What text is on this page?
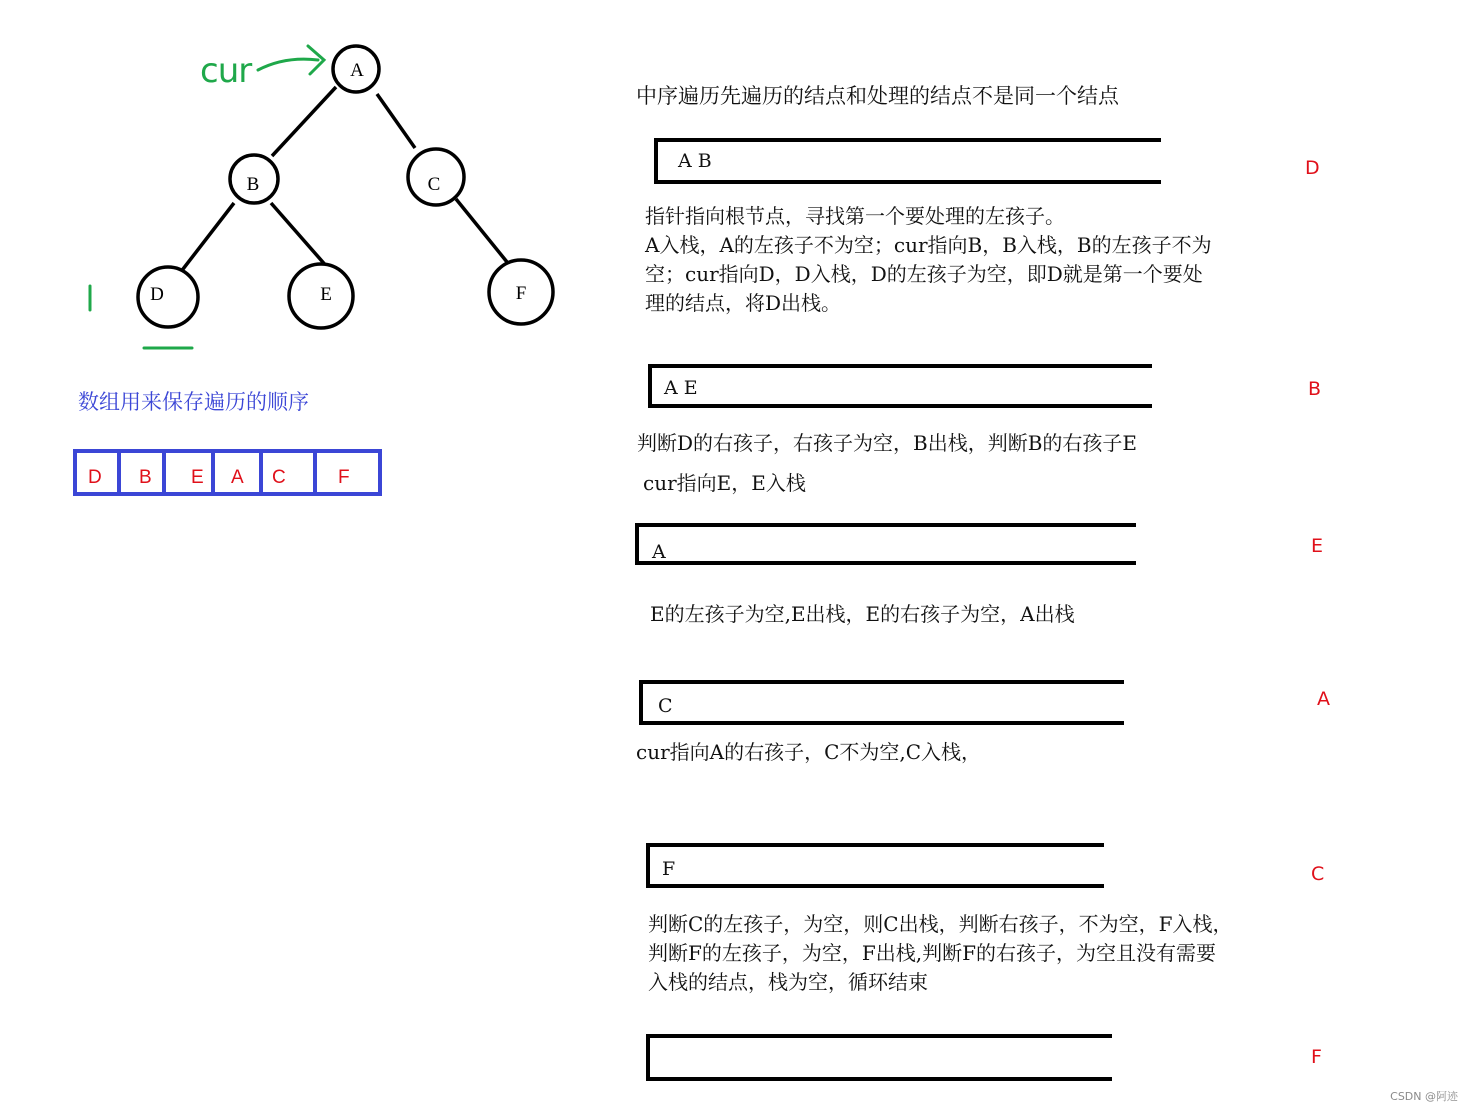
A
B	C
D	E	F
cur
中序遍历先遍历的结点和处理的结点不是同一个结点
数组用来保存遍历的顺序
D B E A C	F
A B	D
指针指向根节点，寻找第一个要处理的左孩子。
A入栈，A的左孩子不为空；cur指向B，B入栈，B的左孩子不为
空；cur指向D，D入栈，D的左孩子为空，即D就是第一个要处
理的结点，将D出栈。
A E	B
判断D的右孩子，右孩子为空，B出栈，判断B的右孩子E
cur指向E，E入栈
A	E
E的左孩子为空,E出栈，E的右孩子为空，A出栈
C	A
cur指向A的右孩子，C不为空,C入栈，
F	C
判断C的左孩子，为空，则C出栈，判断右孩子，不为空，F入栈，
判断F的左孩子，为空，F出栈,判断F的右孩子，为空且没有需要
入栈的结点，栈为空，循环结束
F
CSDN @阿迹
